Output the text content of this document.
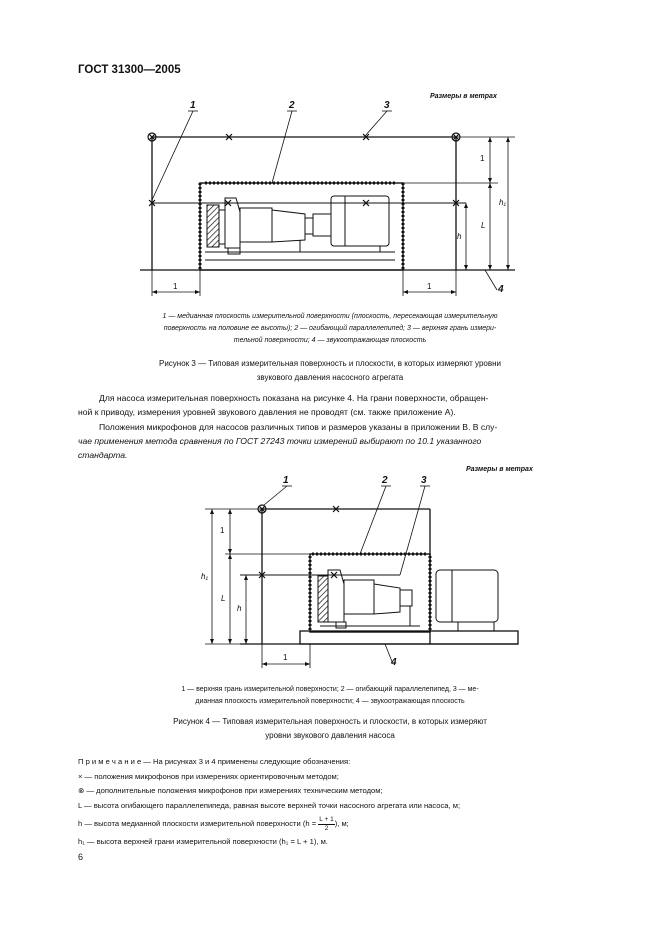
ГОСТ 31300—2005
Размеры в метрах
1	2	3
4
1	1
1
L
h
h₁
1 — медианная плоскость измерительной поверхности (плоскость, пересекающая измерительную
поверхность на половине ее высоты); 2 — огибающий параллелепипед; 3 — верхняя грань измери-
тельной поверхности; 4 — звукоотражающая плоскость
Рисунок 3 — Типовая измерительная поверхность и плоскости, в которых измеряют уровни
звукового давления насосного агрегата

Для насоса измерительная поверхность показана на рисунке 4. На грани поверхности, обращен-

ной к приводу, измерения уровней звукового давления не проводят (см. также приложение А).

Положения микрофонов для насосов различных типов и размеров указаны в приложении В. В слу-

чае применения метода сравнения по ГОСТ 27243 точки измерений выбирают по 10.1 указанного
стандарта.
Размеры в метрах
1	2	3
4
1
1
L
h
h₁
1 — верхняя грань измерительной поверхности; 2 — огибающий параллелепипед, 3 — ме-
дианная плоскость измерительной поверхности; 4 — звукоотражающая плоскость
Рисунок 4 — Типовая измерительная поверхность и плоскости, в которых измеряют
уровни звукового давления насоса
П р и м е ч а н и е — На рисунках 3 и 4 применены следующие обозначения:
× — положения микрофонов при измерениях ориентировочным методом;
⊗ — дополнительные положения микрофонов при измерениях техническим методом;
L — высота огибающего параллелепипеда, равная высоте верхней точки насосного агрегата или насоса, м;
h — высота медианной плоскости измерительной поверхности ($h = \frac{L + 1}{2}$ ), м;
h₁ — высота верхней грани измерительной поверхности (h₁ = L + 1), м.
6
